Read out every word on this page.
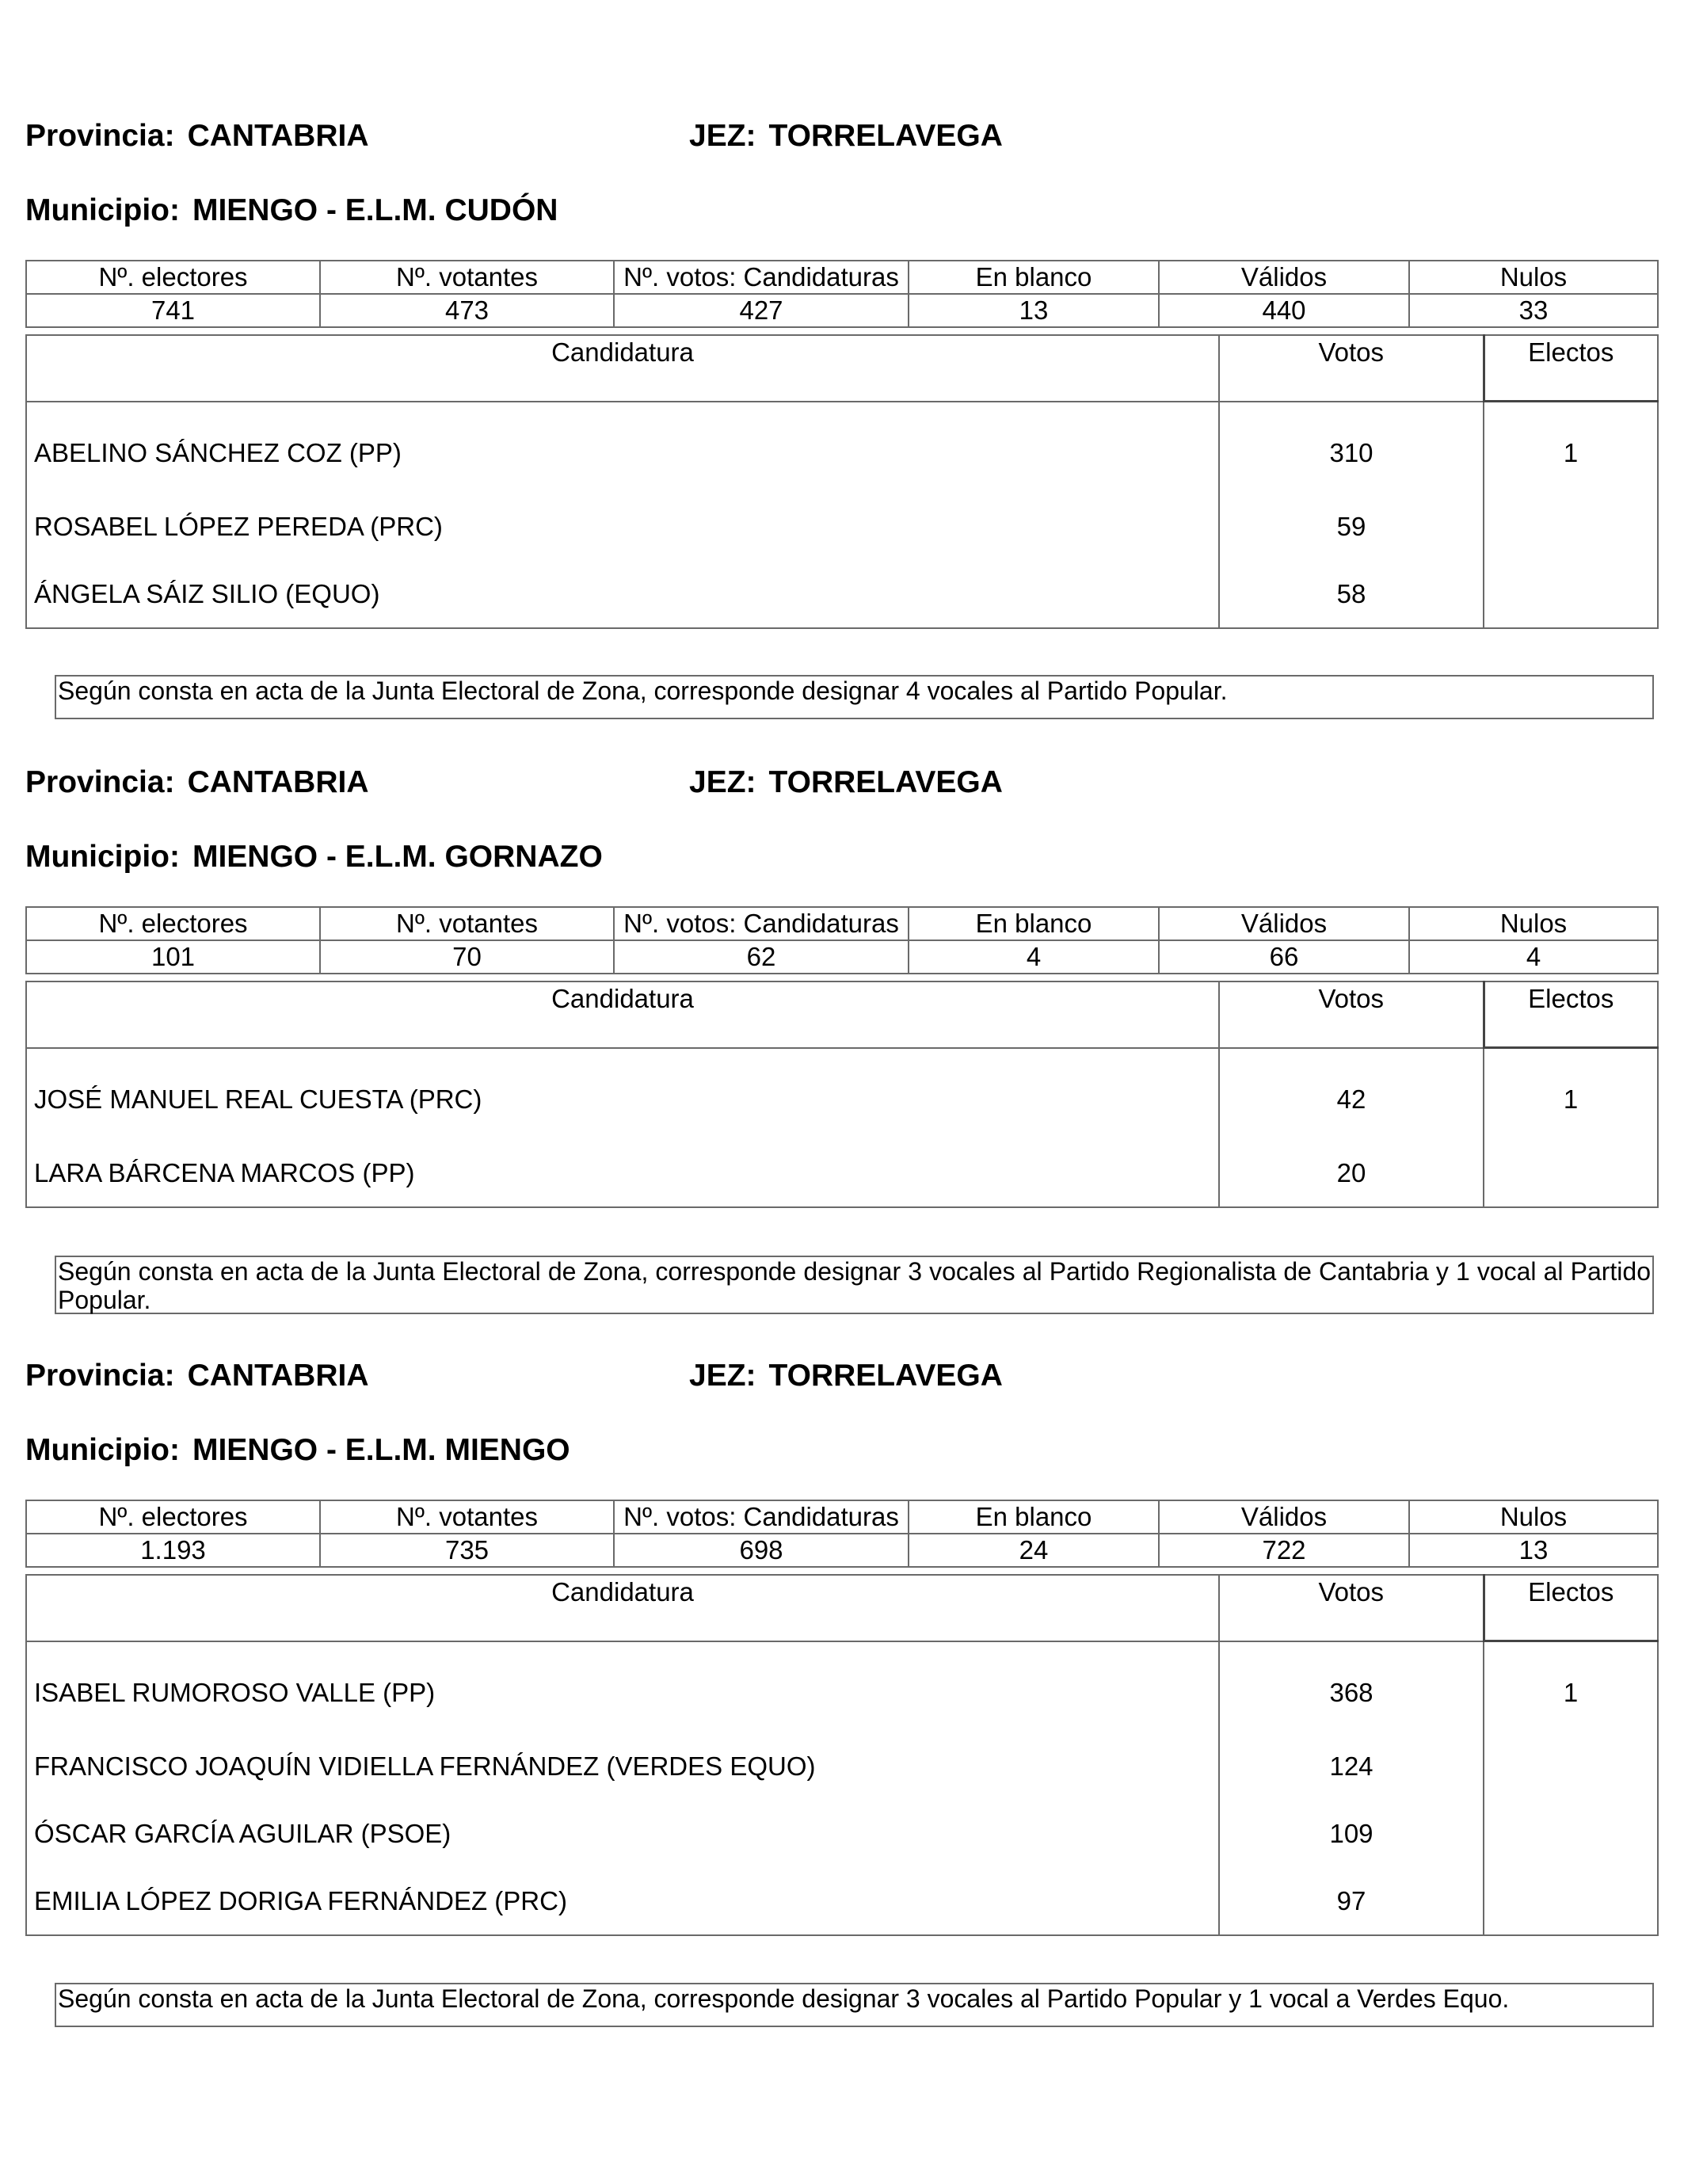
Provincia: CANTABRIA	JEZ: TORRELAVEGA
Municipio: MIENGO - E.L.M. CUDÓN
Nº. electores	Nº. votantes	Nº. votos: Candidaturas	En blanco	Válidos	Nulos
741	473	427	13	440	33
Candidatura	Votos	Electos
ABELINO SÁNCHEZ COZ (PP)	310	1
ROSABEL LÓPEZ PEREDA (PRC)	59	
ÁNGELA SÁIZ SILIO (EQUO)	58	
Según consta en acta de la Junta Electoral de Zona, corresponde designar 4 vocales al Partido Popular.
Provincia: CANTABRIA	JEZ: TORRELAVEGA
Municipio: MIENGO - E.L.M. GORNAZO
Nº. electores	Nº. votantes	Nº. votos: Candidaturas	En blanco	Válidos	Nulos
101	70	62	4	66	4
Candidatura	Votos	Electos
JOSÉ MANUEL REAL CUESTA (PRC)	42	1
LARA BÁRCENA MARCOS (PP)	20	
Según consta en acta de la Junta Electoral de Zona, corresponde designar 3 vocales al Partido Regionalista de Cantabria y 1 vocal al Partido Popular.
Provincia: CANTABRIA	JEZ: TORRELAVEGA
Municipio: MIENGO - E.L.M. MIENGO
Nº. electores	Nº. votantes	Nº. votos: Candidaturas	En blanco	Válidos	Nulos
1.193	735	698	24	722	13
Candidatura	Votos	Electos
ISABEL RUMOROSO VALLE (PP)	368	1
FRANCISCO JOAQUÍN VIDIELLA FERNÁNDEZ (VERDES EQUO)	124	
ÓSCAR GARCÍA AGUILAR (PSOE)	109	
EMILIA LÓPEZ DORIGA FERNÁNDEZ (PRC)	97	
Según consta en acta de la Junta Electoral de Zona, corresponde designar 3 vocales al Partido Popular y 1 vocal a Verdes Equo.
